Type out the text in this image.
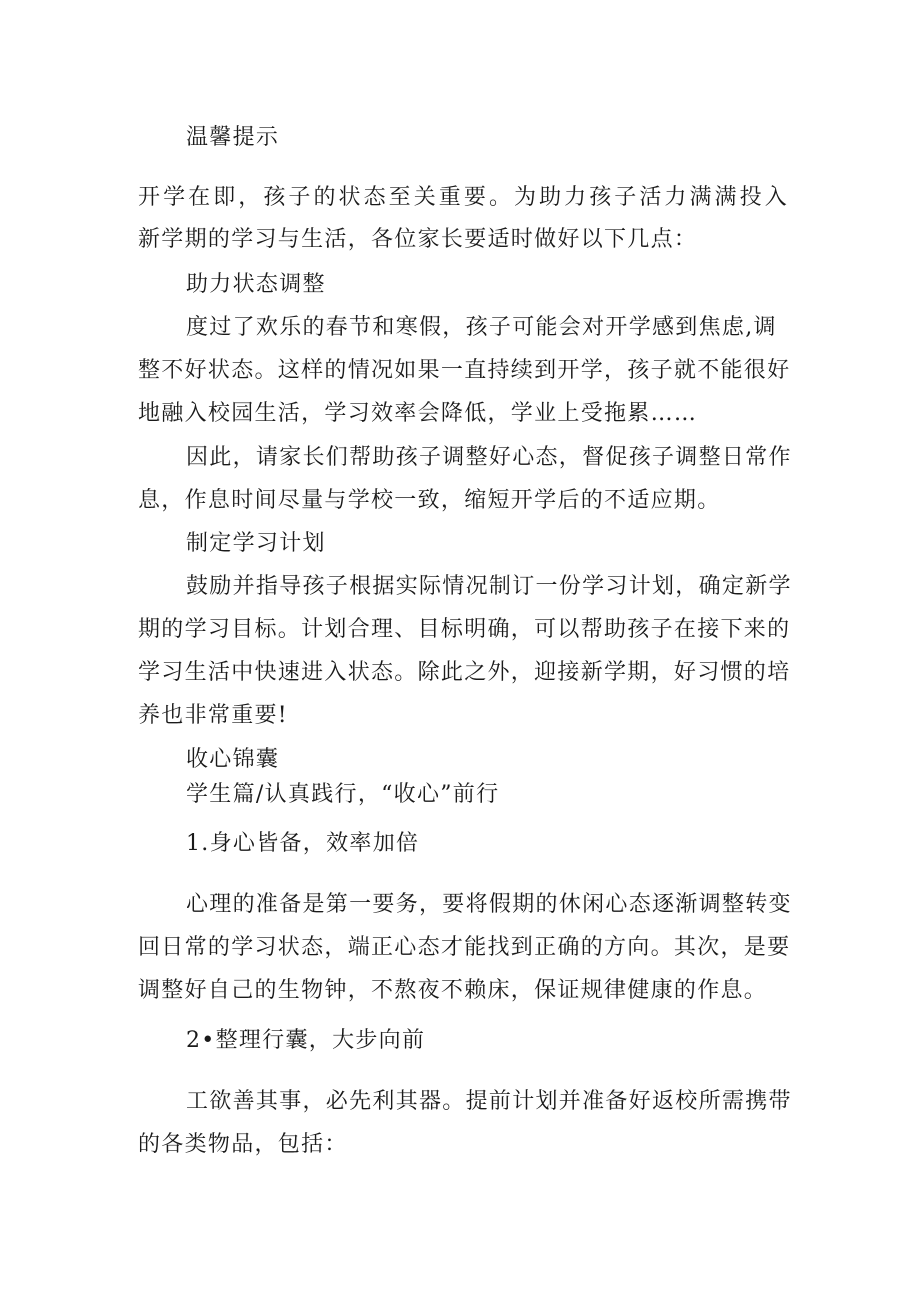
温馨提示
开学在即，孩子的状态至关重要。为助力孩子活力满满投入
新学期的学习与生活，各位家长要适时做好以下几点：
助力状态调整
度过了欢乐的春节和寒假，孩子可能会对开学感到焦虑,调
整不好状态。这样的情况如果一直持续到开学，孩子就不能很好
地融入校园生活，学习效率会降低，学业上受拖累……
因此，请家长们帮助孩子调整好心态，督促孩子调整日常作
息，作息时间尽量与学校一致，缩短开学后的不适应期。
制定学习计划
鼓励并指导孩子根据实际情况制订一份学习计划，确定新学
期的学习目标。计划合理、目标明确，可以帮助孩子在接下来的
学习生活中快速进入状态。除此之外，迎接新学期，好习惯的培
养也非常重要!
收心锦囊
学生篇/认真践行，“收心”前行
1.身心皆备，效率加倍
心理的准备是第一要务，要将假期的休闲心态逐渐调整转变
回日常的学习状态，端正心态才能找到正确的方向。其次，是要
调整好自己的生物钟，不熬夜不赖床，保证规律健康的作息。
2•整理行囊，大步向前
工欲善其事，必先利其器。提前计划并准备好返校所需携带
的各类物品，包括：
